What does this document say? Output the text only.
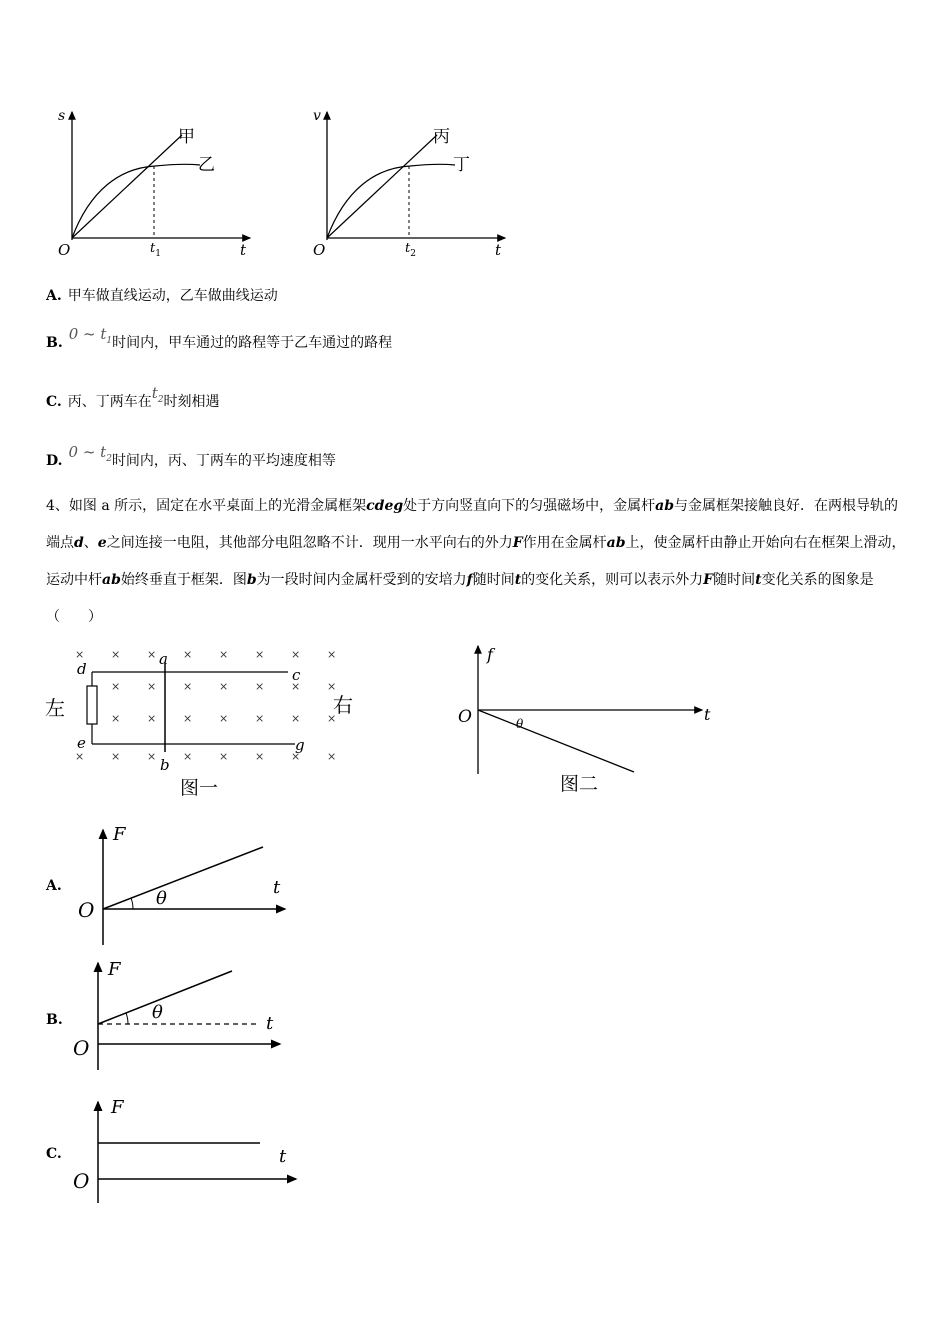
s
O	t
$t_1$
甲
乙
v
O	t
$t_2$
丙
丁
A. 甲车做直线运动，乙车做曲线运动
B. 0 ~ $t_1$时间内，甲车通过的路程等于乙车通过的路程
C. 丙、丁两车在$t_2$时刻相遇
D. 0 ~ $t_2$时间内，丙、丁两车的平均速度相等
4、如图 a 所示，固定在水平桌面上的光滑金属框架cdeg处于方向竖直向下的匀强磁场中，金属杆ab与金属框架接触良好．在两根导轨的端点d、e之间连接一电阻，其他部分电阻忽略不计．现用一水平向右的外力F作用在金属杆ab上，使金属杆由静止开始向右在框架上滑动，运动中杆ab始终垂直于框架．图b为一段时间内金属杆受到的安培力f随时间t的变化关系，则可以表示外力F随时间t变化关系的图象是（　　）
× × × × × × × ×
× × × × × × ×
× × × × × × ×
× × × × × × × ×
d
a
c
e
b
g
左	右
图一
f
t
O	θ
图二
A.
F
t
O	θ
B.
F
t
O
θ
C.
F
t
O
